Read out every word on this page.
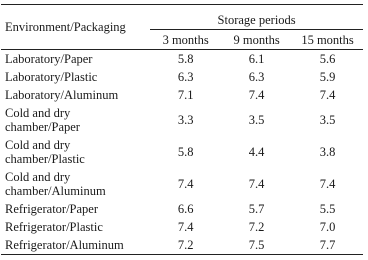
Environment/Packaging	Storage periods		
	3 months	9 months	15 months
Laboratory/Paper	5.8	6.1	5.6
Laboratory/Plastic	6.3	6.3	5.9
Laboratory/Aluminum	7.1	7.4	7.4
Cold and dry
chamber/Paper	3.3	3.5	3.5
Cold and dry
chamber/Plastic	5.8	4.4	3.8
Cold and dry
chamber/Aluminum	7.4	7.4	7.4
Refrigerator/Paper	6.6	5.7	5.5
Refrigerator/Plastic	7.4	7.2	7.0
Refrigerator/Aluminum	7.2	7.5	7.7
